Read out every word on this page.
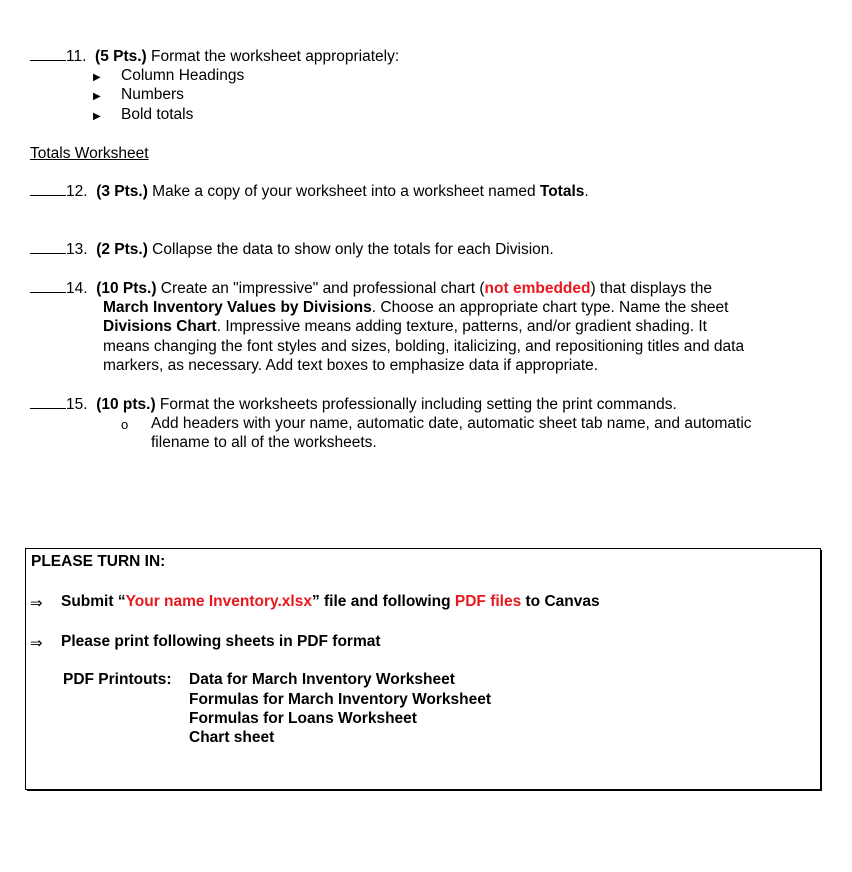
11. (5 Pts.) Format the worksheet appropriately:
▶ Column Headings
▶ Numbers
▶ Bold totals
Totals Worksheet
12. (3 Pts.) Make a copy of your worksheet into a worksheet named Totals.
13. (2 Pts.) Collapse the data to show only the totals for each Division.
14. (10 Pts.) Create an "impressive" and professional chart (not embedded) that displays the
March Inventory Values by Divisions. Choose an appropriate chart type. Name the sheet
Divisions Chart. Impressive means adding texture, patterns, and/or gradient shading. It
means changing the font styles and sizes, bolding, italicizing, and repositioning titles and data
markers, as necessary. Add text boxes to emphasize data if appropriate.
15. (10 pts.) Format the worksheets professionally including setting the print commands.
o Add headers with your name, automatic date, automatic sheet tab name, and automatic
filename to all of the worksheets.
PLEASE TURN IN:
⇒ Submit “Your name Inventory.xlsx” file and following PDF files to Canvas
⇒ Please print following sheets in PDF format
PDF Printouts: Data for March Inventory Worksheet
Formulas for March Inventory Worksheet
Formulas for Loans Worksheet
Chart sheet
